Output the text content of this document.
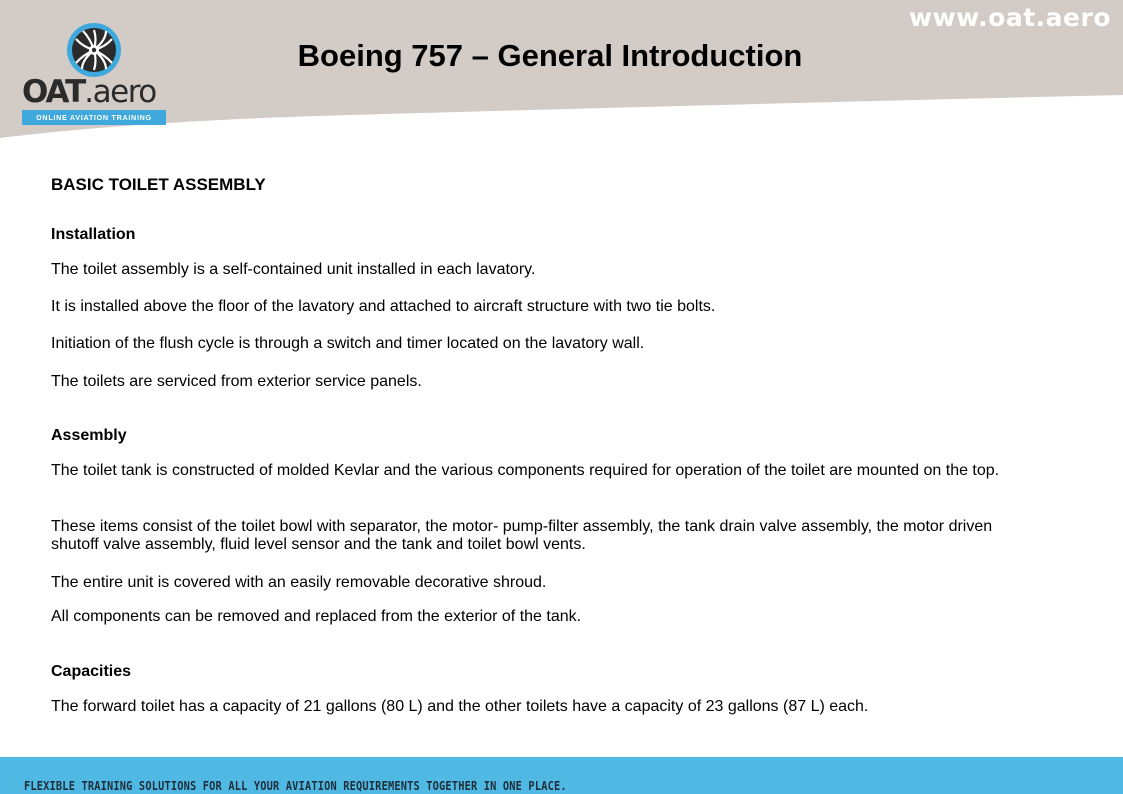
www.oat.aero
OAT.aero
ONLINE AVIATION TRAINING
Boeing 757 – General Introduction
BASIC TOILET ASSEMBLY
Installation

The toilet assembly is a self-contained unit installed in each lavatory.

It is installed above the floor of the lavatory and attached to aircraft structure with two tie bolts.

Initiation of the flush cycle is through a switch and timer located on the lavatory wall.

The toilets are serviced from exterior service panels.

Assembly

The toilet tank is constructed of molded Kevlar and the various components required for operation of the toilet are mounted on the top.

These items consist of the toilet bowl with separator, the motor- pump-filter assembly, the tank drain valve assembly, the motor driven shutoff valve assembly, fluid level sensor and the tank and toilet bowl vents.

The entire unit is covered with an easily removable decorative shroud.

All components can be removed and replaced from the exterior of the tank.

Capacities

The forward toilet has a capacity of 21 gallons (80 L) and the other toilets have a capacity of 23 gallons (87 L) each.

FLEXIBLE TRAINING SOLUTIONS FOR ALL YOUR AVIATION REQUIREMENTS TOGETHER IN ONE PLACE.
